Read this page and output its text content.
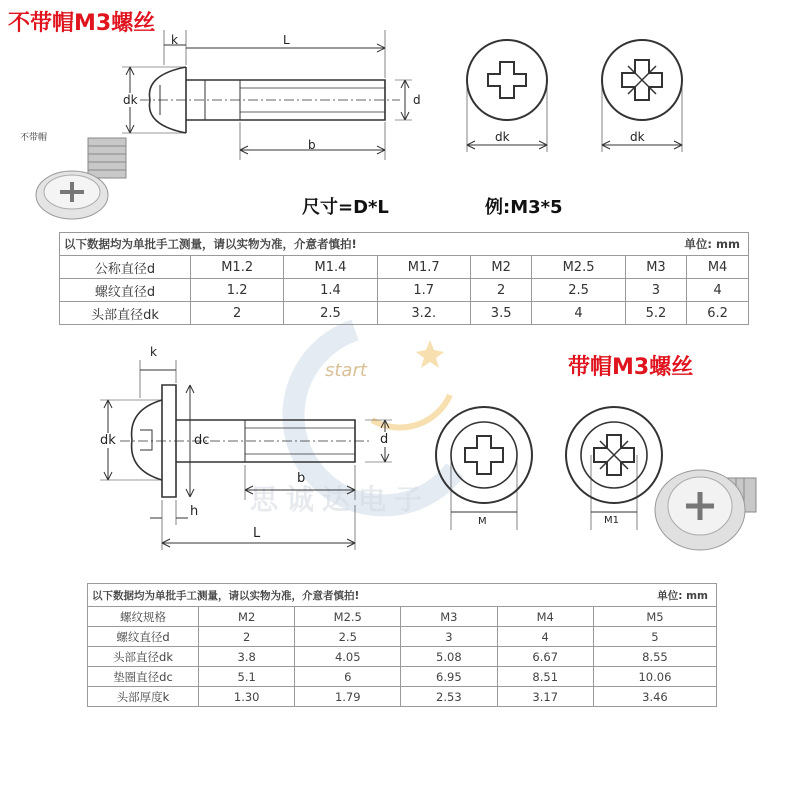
不带帽M3螺丝
start
思诚达电子
k	L
dk	d
b
dk	dk
不带帽
尺寸=D*L	例:M3*5
以下数据均为单批手工测量，请以实物为准，介意者慎拍! 单位: mm							

公称直径d	M1.2	M1.4	M1.7	M2	M2.5	M3	M4
螺纹直径d	1.2	1.4	1.7	2	2.5	3	4
头部直径dk	2	2.5	3.2.	3.5	4	5.2	6.2
带帽M3螺丝
k
dk	dc	d
b
h
L
M	M1
以下数据均为单批手工测量，请以实物为准，介意者慎拍! 单位: mm					

螺纹规格	M2	M2.5	M3	M4	M5
螺纹直径d	2	2.5	3	4	5
头部直径dk	3.8	4.05	5.08	6.67	8.55
垫圈直径dc	5.1	6	6.95	8.51	10.06
头部厚度k	1.30	1.79	2.53	3.17	3.46
